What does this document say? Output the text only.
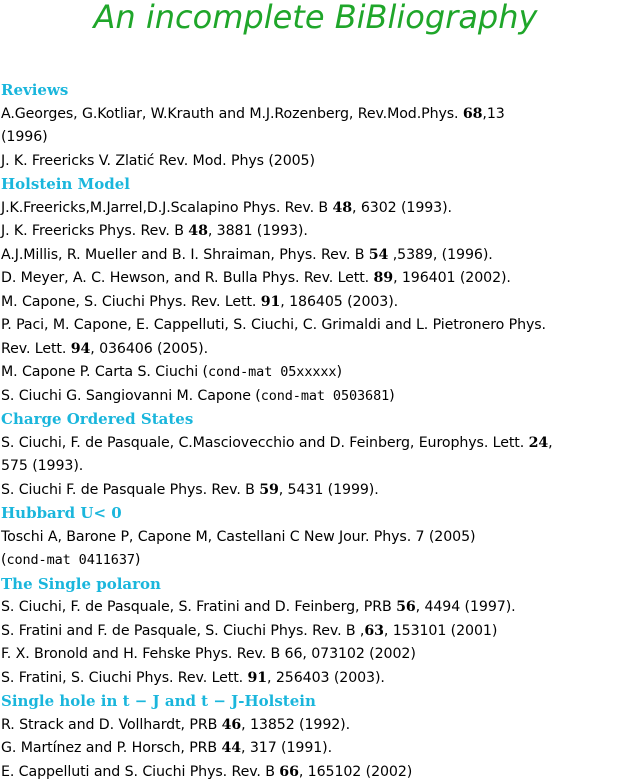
An incomplete BiBliography
Reviews
A.Georges, G.Kotliar, W.Krauth and M.J.Rozenberg, Rev.Mod.Phys. 68,13
(1996)
J. K. Freericks V. Zlatić Rev. Mod. Phys (2005)
Holstein Model
J.K.Freericks,M.Jarrel,D.J.Scalapino Phys. Rev. B 48, 6302 (1993).
J. K. Freericks Phys. Rev. B 48, 3881 (1993).
A.J.Millis, R. Mueller and B. I. Shraiman, Phys. Rev. B 54 ,5389, (1996).
D. Meyer, A. C. Hewson, and R. Bulla Phys. Rev. Lett. 89, 196401 (2002).
M. Capone, S. Ciuchi Phys. Rev. Lett. 91, 186405 (2003).
P. Paci, M. Capone, E. Cappelluti, S. Ciuchi, C. Grimaldi and L. Pietronero Phys.
Rev. Lett. 94, 036406 (2005).
M. Capone P. Carta S. Ciuchi (cond-mat 05xxxxx)
S. Ciuchi G. Sangiovanni M. Capone (cond-mat 0503681)
Charge Ordered States
S. Ciuchi, F. de Pasquale, C.Masciovecchio and D. Feinberg, Europhys. Lett. 24,
575 (1993).
S. Ciuchi F. de Pasquale Phys. Rev. B 59, 5431 (1999).
Hubbard U< 0
Toschi A, Barone P, Capone M, Castellani C New Jour. Phys. 7 (2005)
(cond-mat 0411637)
The Single polaron
S. Ciuchi, F. de Pasquale, S. Fratini and D. Feinberg, PRB 56, 4494 (1997).
S. Fratini and F. de Pasquale, S. Ciuchi Phys. Rev. B ,63, 153101 (2001)
F. X. Bronold and H. Fehske Phys. Rev. B 66, 073102 (2002)
S. Fratini, S. Ciuchi Phys. Rev. Lett. 91, 256403 (2003).
Single hole in t − J and t − J-Holstein
R. Strack and D. Vollhardt, PRB 46, 13852 (1992).
G. Martínez and P. Horsch, PRB 44, 317 (1991).
E. Cappelluti and S. Ciuchi Phys. Rev. B 66, 165102 (2002)
